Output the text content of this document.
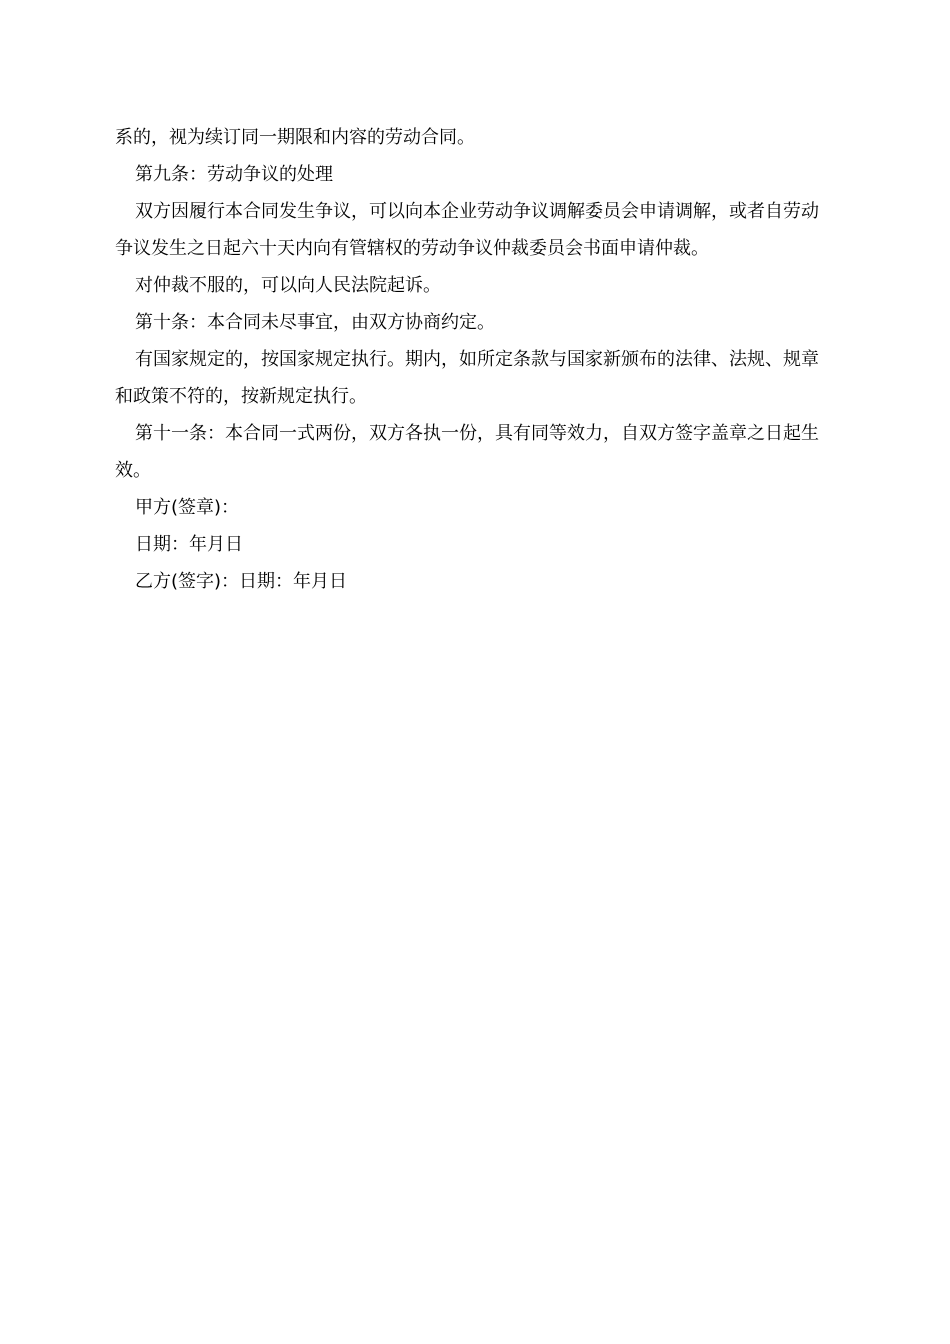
系的，视为续订同一期限和内容的劳动合同。

第九条：劳动争议的处理

双方因履行本合同发生争议，可以向本企业劳动争议调解委员会申请调解，或者自劳动争议发生之日起六十天内向有管辖权的劳动争议仲裁委员会书面申请仲裁。

对仲裁不服的，可以向人民法院起诉。

第十条：本合同未尽事宜，由双方协商约定。

有国家规定的，按国家规定执行。期内，如所定条款与国家新颁布的法律、法规、规章和政策不符的，按新规定执行。

第十一条：本合同一式两份，双方各执一份，具有同等效力，自双方签字盖章之日起生效。

甲方(签章)：

日期：年月日

乙方(签字)：日期：年月日
